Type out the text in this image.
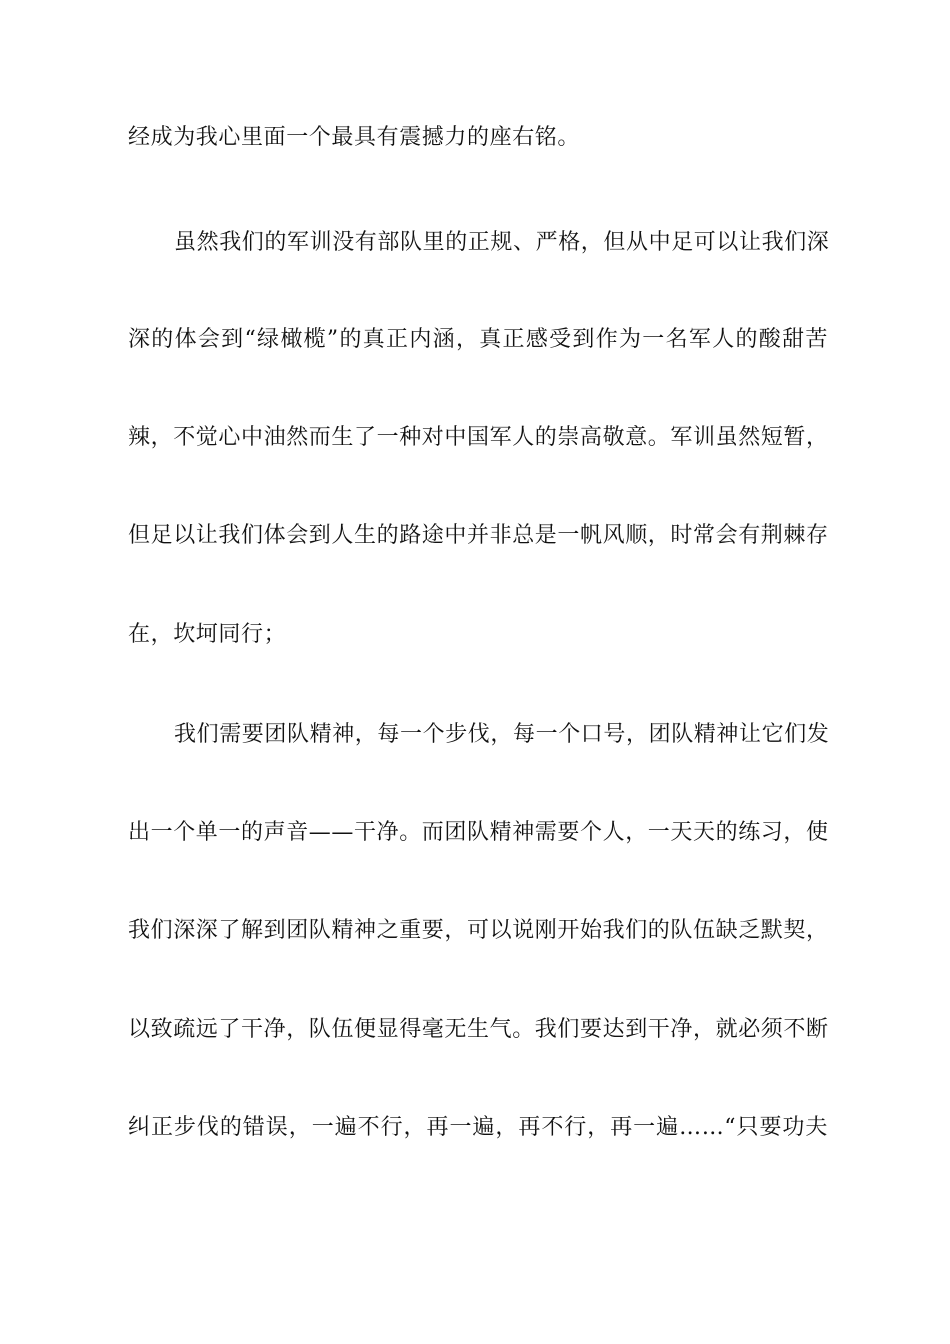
经成为我心里面一个最具有震撼力的座右铭。
虽然我们的军训没有部队里的正规、严格，但从中足可以让我们深
深的体会到“绿橄榄”的真正内涵，真正感受到作为一名军人的酸甜苦
辣，不觉心中油然而生了一种对中国军人的崇高敬意。军训虽然短暂，
但足以让我们体会到人生的路途中并非总是一帆风顺，时常会有荆棘存
在，坎坷同行；
我们需要团队精神，每一个步伐，每一个口号，团队精神让它们发
出一个单一的声音——干净。而团队精神需要个人，一天天的练习，使
我们深深了解到团队精神之重要，可以说刚开始我们的队伍缺乏默契，
以致疏远了干净，队伍便显得毫无生气。我们要达到干净，就必须不断
纠正步伐的错误，一遍不行，再一遍，再不行，再一遍……“只要功夫
